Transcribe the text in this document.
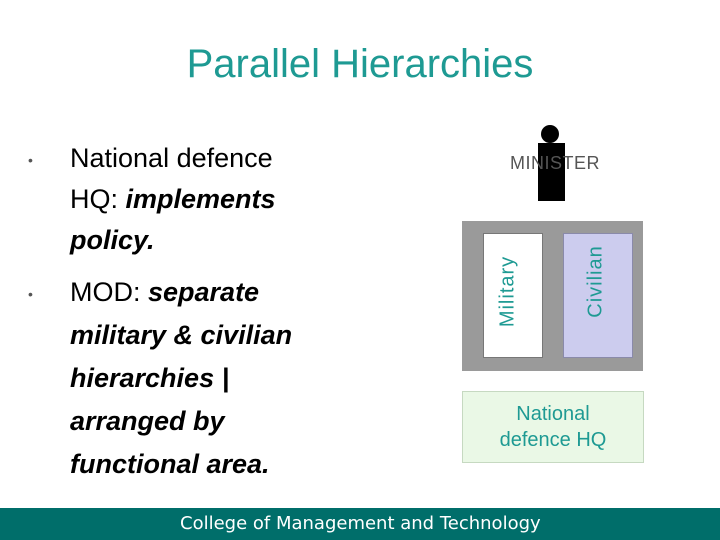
Parallel Hierarchies
• National defence
HQ: implements
policy.
• MOD: separate
military & civilian
hierarchies |
arranged by
functional area.
Military	Civilian
MINISTER
National defence HQ
College of Management and Technology
